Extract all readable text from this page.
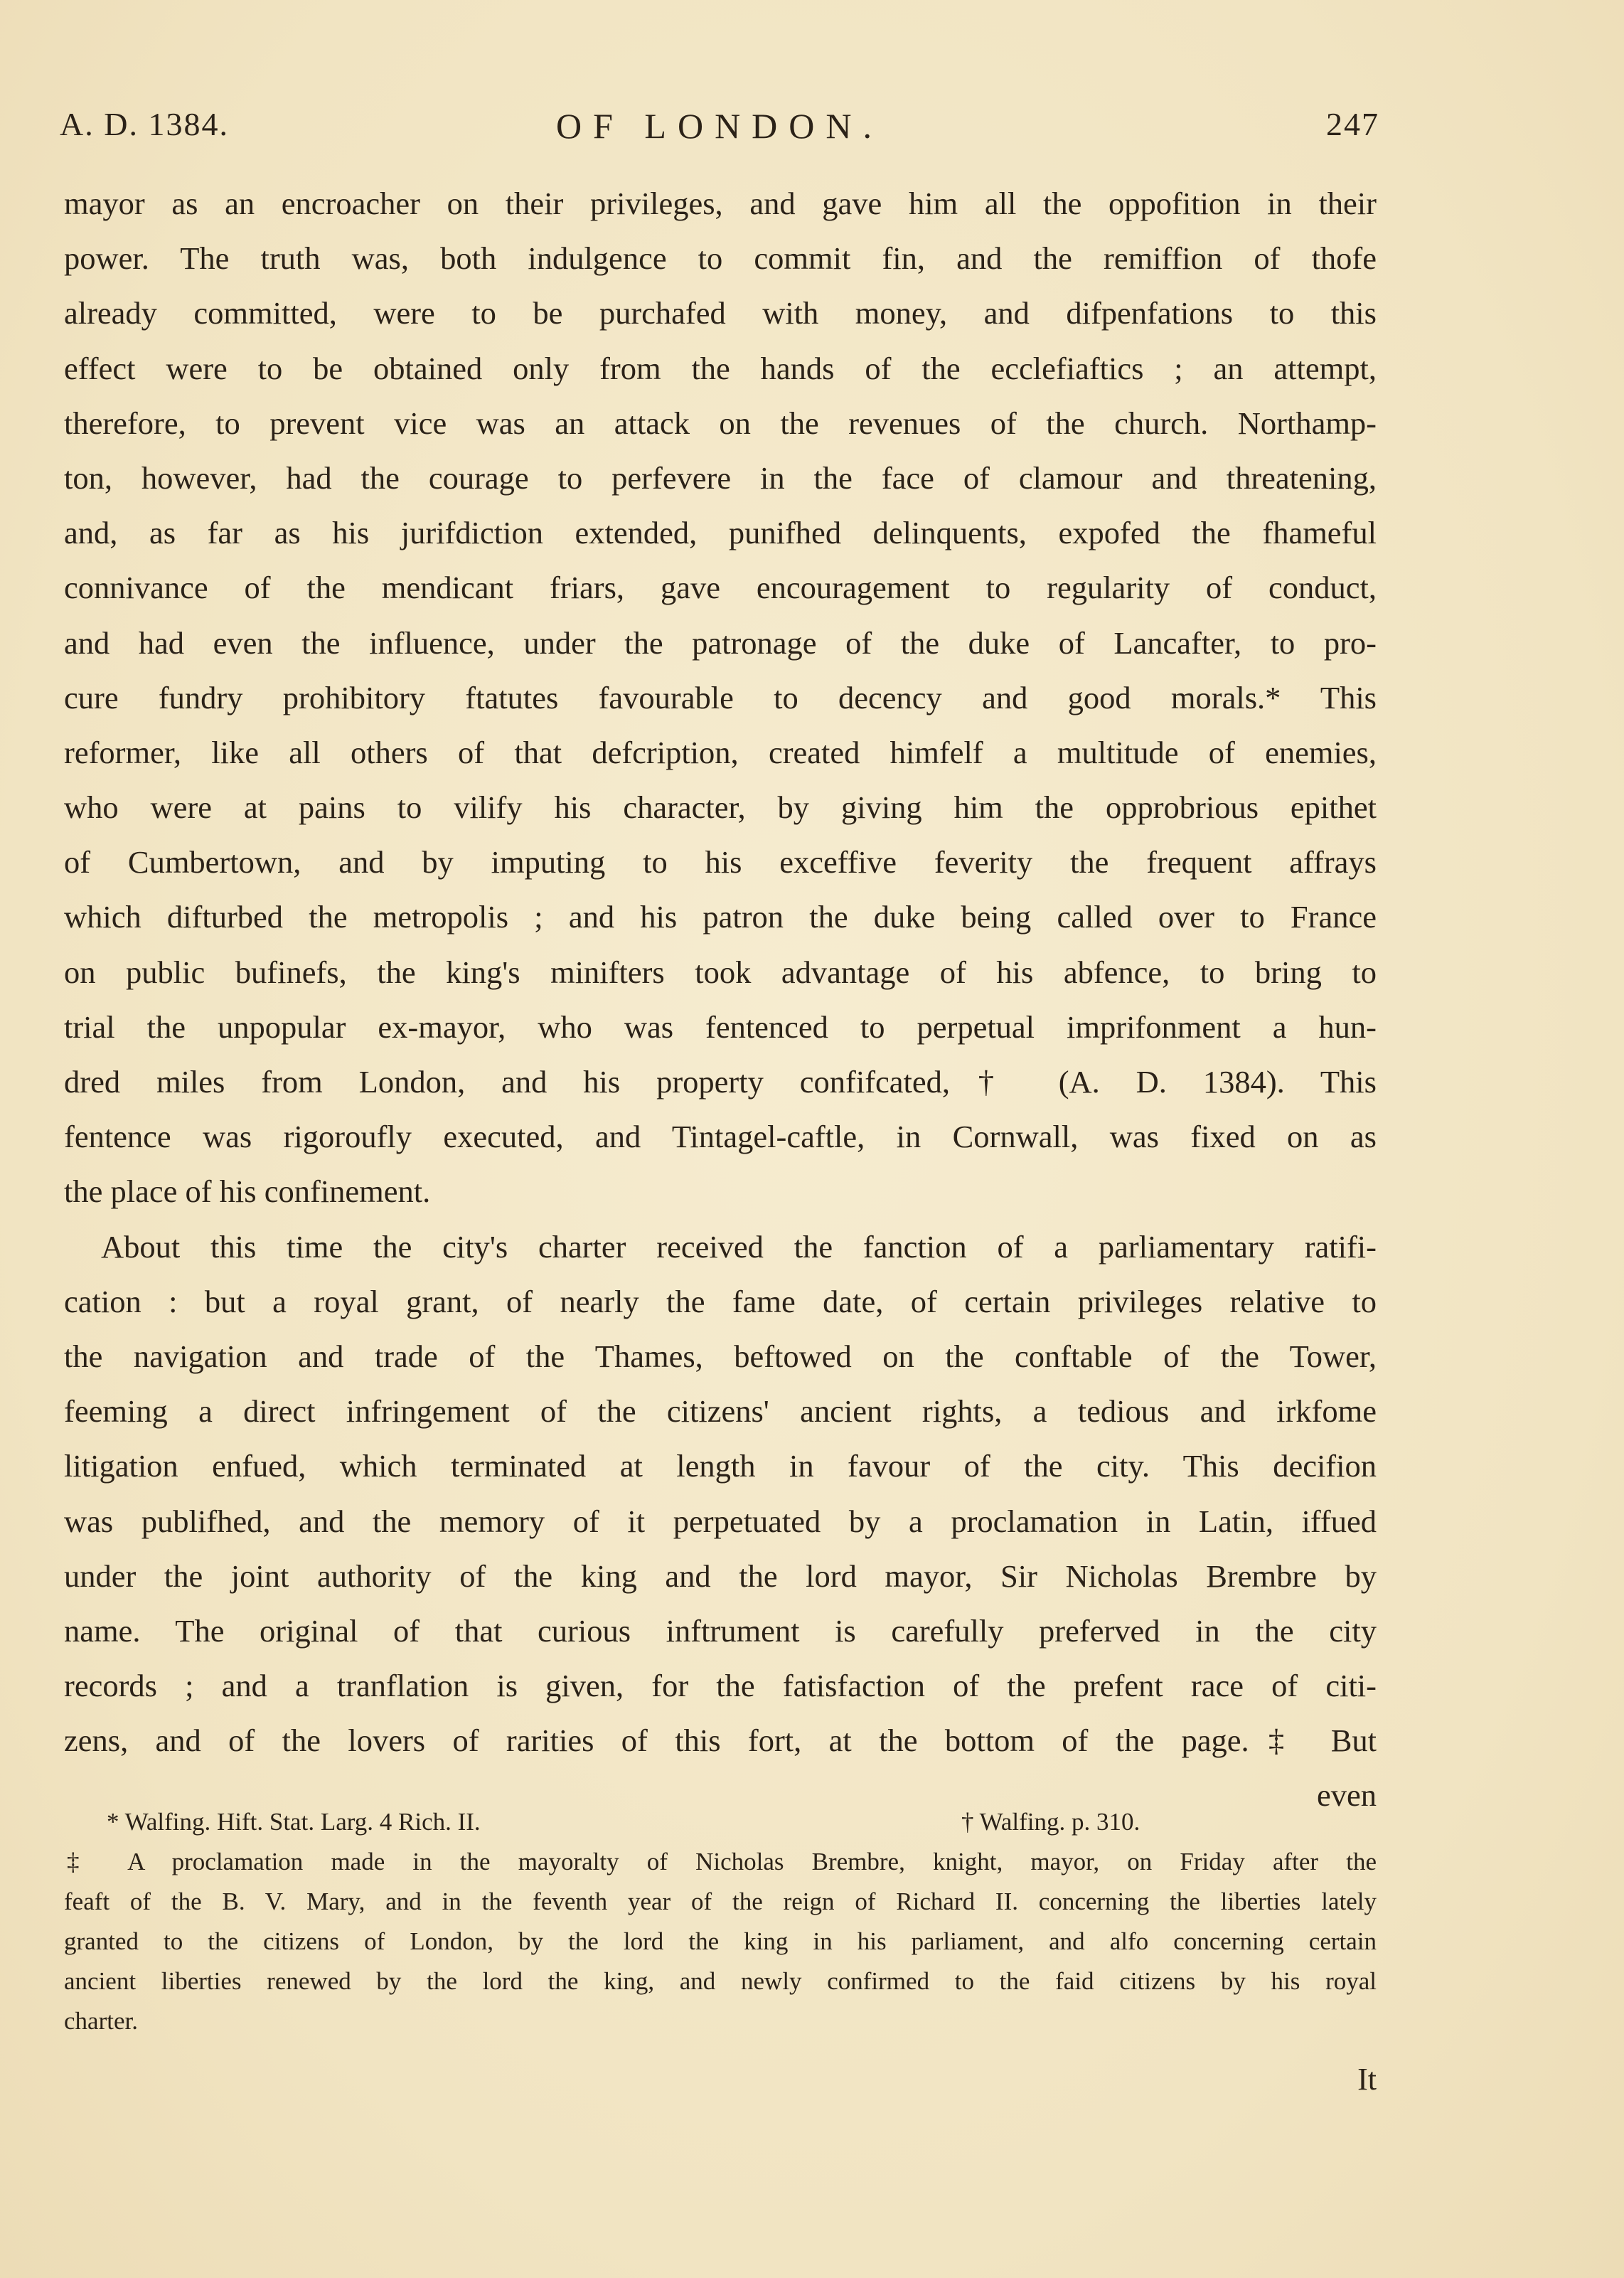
A. D. 1384.	OF LONDON.	247
mayor as an encroacher on their privileges, and gave him all the oppofition in their
power. The truth was, both indulgence to commit fin, and the remiffion of thofe
already committed, were to be purchafed with money, and difpenfations to this
effect were to be obtained only from the hands of the ecclefiaftics ; an attempt,
therefore, to prevent vice was an attack on the revenues of the church. Northamp-
ton, however, had the courage to perfevere in the face of clamour and threatening,
and, as far as his jurifdiction extended, punifhed delinquents, expofed the fhameful
connivance of the mendicant friars, gave encouragement to regularity of conduct,
and had even the influence, under the patronage of the duke of Lancafter, to pro-
cure fundry prohibitory ftatutes favourable to decency and good morals.* This
reformer, like all others of that defcription, created himfelf a multitude of enemies,
who were at pains to vilify his character, by giving him the opprobrious epithet
of Cumbertown, and by imputing to his exceffive feverity the frequent affrays
which difturbed the metropolis ; and his patron the duke being called over to France
on public bufinefs, the king's minifters took advantage of his abfence, to bring to
trial the unpopular ex-mayor, who was fentenced to perpetual imprifonment a hun-
dred miles from London, and his property confifcated,† (A. D. 1384). This
fentence was rigoroufly executed, and Tintagel-caftle, in Cornwall, was fixed on as
the place of his confinement.
About this time the city's charter received the fanction of a parliamentary ratifi-
cation : but a royal grant, of nearly the fame date, of certain privileges relative to
the navigation and trade of the Thames, beftowed on the conftable of the Tower,
feeming a direct infringement of the citizens' ancient rights, a tedious and irkfome
litigation enfued, which terminated at length in favour of the city. This decifion
was publifhed, and the memory of it perpetuated by a proclamation in Latin, iffued
under the joint authority of the king and the lord mayor, Sir Nicholas Brembre by
name. The original of that curious inftrument is carefully preferved in the city
records ; and a tranflation is given, for the fatisfaction of the prefent race of citi-
zens, and of the lovers of rarities of this fort, at the bottom of the page.‡ But
even
* Walfing. Hift. Stat. Larg. 4 Rich. II.	† Walfing. p. 310.
‡ A proclamation made in the mayoralty of Nicholas Brembre, knight, mayor, on Friday after the
feaft of the B. V. Mary, and in the feventh year of the reign of Richard II. concerning the liberties lately
granted to the citizens of London, by the lord the king in his parliament, and alfo concerning certain
ancient liberties renewed by the lord the king, and newly confirmed to the faid citizens by his royal
charter.
It
